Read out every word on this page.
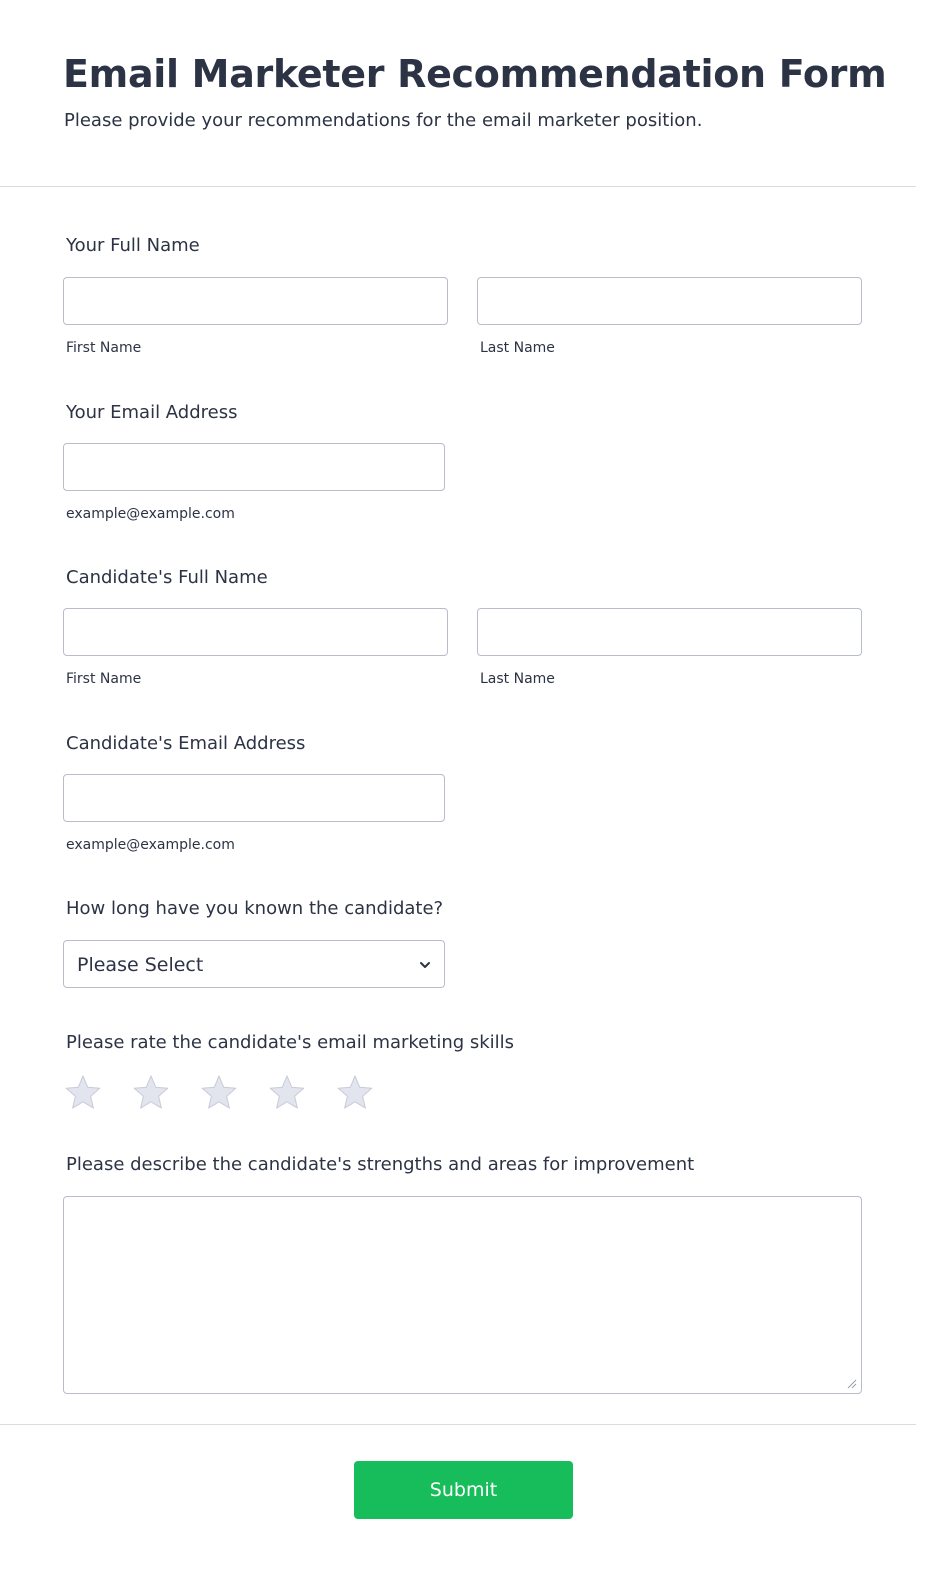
Email Marketer Recommendation Form

Please provide your recommendations for the email marketer position.

Your Full Name
First Name	Last Name
Your Email Address
example@example.com
Candidate's Full Name
First Name	Last Name
Candidate's Email Address
example@example.com
How long have you known the candidate?
Please Select
Please rate the candidate's email marketing skills
Please describe the candidate's strengths and areas for improvement
Submit
